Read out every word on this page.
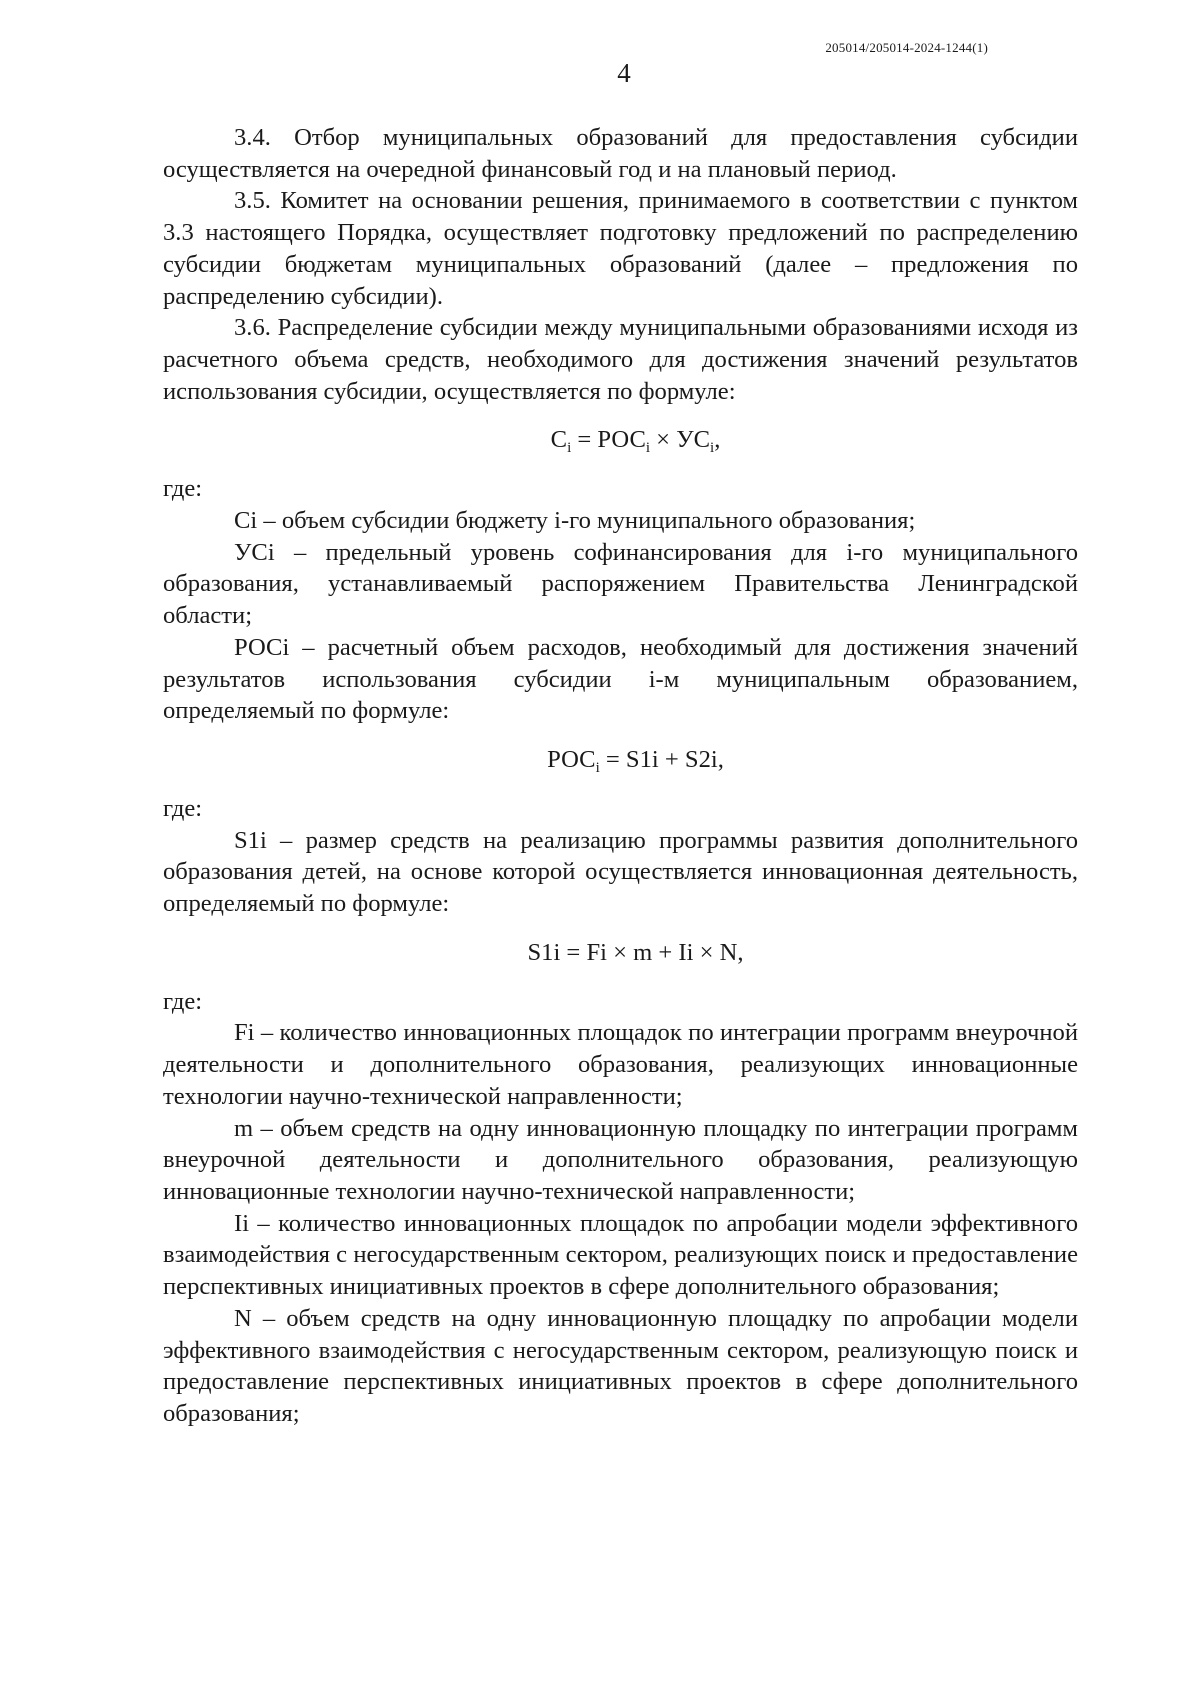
205014/205014-2024-1244(1)
4

3.4. Отбор муниципальных образований для предоставления субсидии осуществляется на очередной финансовый год и на плановый период.

3.5. Комитет на основании решения, принимаемого в соответствии с пунктом 3.3 настоящего Порядка, осуществляет подготовку предложений по распределению субсидии бюджетам муниципальных образований (далее – предложения по распределению субсидии).

3.6. Распределение субсидии между муниципальными образованиями исходя из расчетного объема средств, необходимого для достижения значений результатов использования субсидии, осуществляется по формуле:

$C_i = РОС_i \times УС_i$,

где:

Ci – объем субсидии бюджету i-го муниципального образования;

УСi – предельный уровень софинансирования для i-го муниципального образования, устанавливаемый распоряжением Правительства Ленинградской области;

РОСi – расчетный объем расходов, необходимый для достижения значений результатов использования субсидии i-м муниципальным образованием, определяемый по формуле:

$РОС_i = S1i + S2i$,

где:

S1i – размер средств на реализацию программы развития дополнительного образования детей, на основе которой осуществляется инновационная деятельность, определяемый по формуле:

S1i = Fi × m + Ii × N,

где:

Fi – количество инновационных площадок по интеграции программ внеурочной деятельности и дополнительного образования, реализующих инновационные технологии научно-технической направленности;

m – объем средств на одну инновационную площадку по интеграции программ внеурочной деятельности и дополнительного образования, реализующую инновационные технологии научно-технической направленности;

Ii – количество инновационных площадок по апробации модели эффективного взаимодействия с негосударственным сектором, реализующих поиск и предоставление перспективных инициативных проектов в сфере дополнительного образования;

N – объем средств на одну инновационную площадку по апробации модели эффективного взаимодействия с негосударственным сектором, реализующую поиск и предоставление перспективных инициативных проектов в сфере дополнительного образования;
